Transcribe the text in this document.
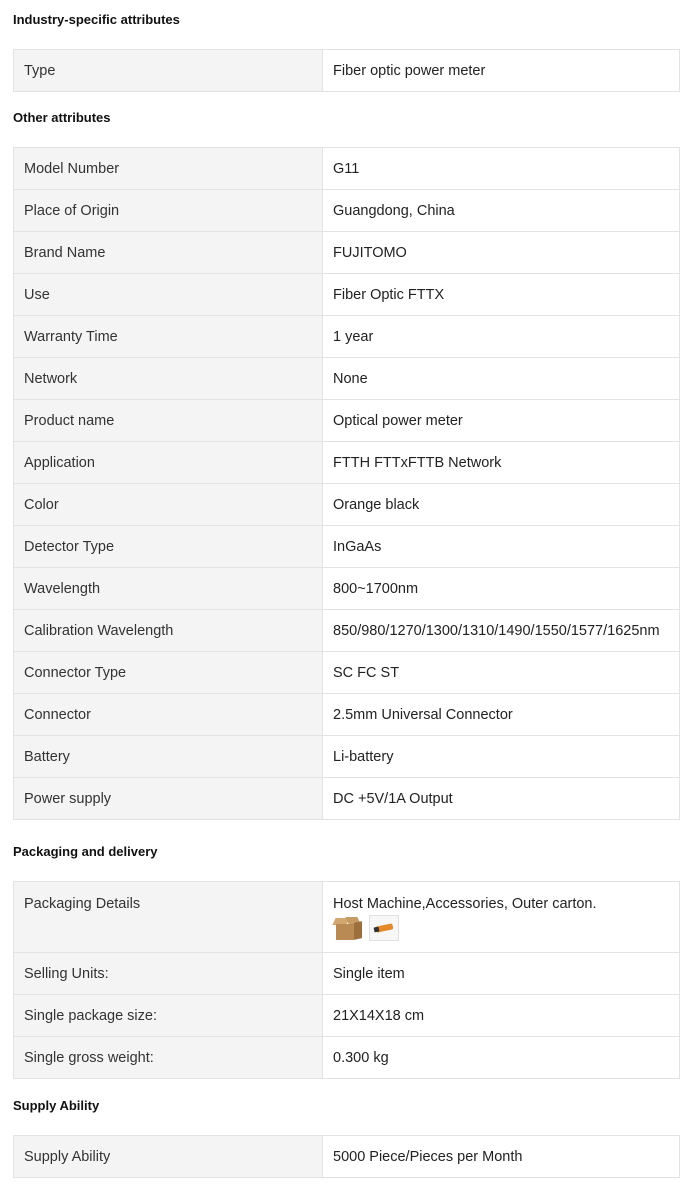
Industry-specific attributes
Type	Fiber optic power meter
Other attributes
Model Number	G11
Place of Origin	Guangdong, China
Brand Name	FUJITOMO
Use	Fiber Optic FTTX
Warranty Time	1 year
Network	None
Product name	Optical power meter
Application	FTTH FTTxFTTB Network
Color	Orange black
Detector Type	InGaAs
Wavelength	800~1700nm
Calibration Wavelength	850/980/1270/1300/1310/1490/1550/1577/1625nm
Connector Type	SC FC ST
Connector	2.5mm Universal Connector
Battery	Li-battery
Power supply	DC +5V/1A Output
Packaging and delivery
Packaging Details	Host Machine,Accessories, Outer carton.

Selling Units:	Single item
Single package size:	21X14X18 cm
Single gross weight:	0.300 kg
Supply Ability
Supply Ability	5000 Piece/Pieces per Month
